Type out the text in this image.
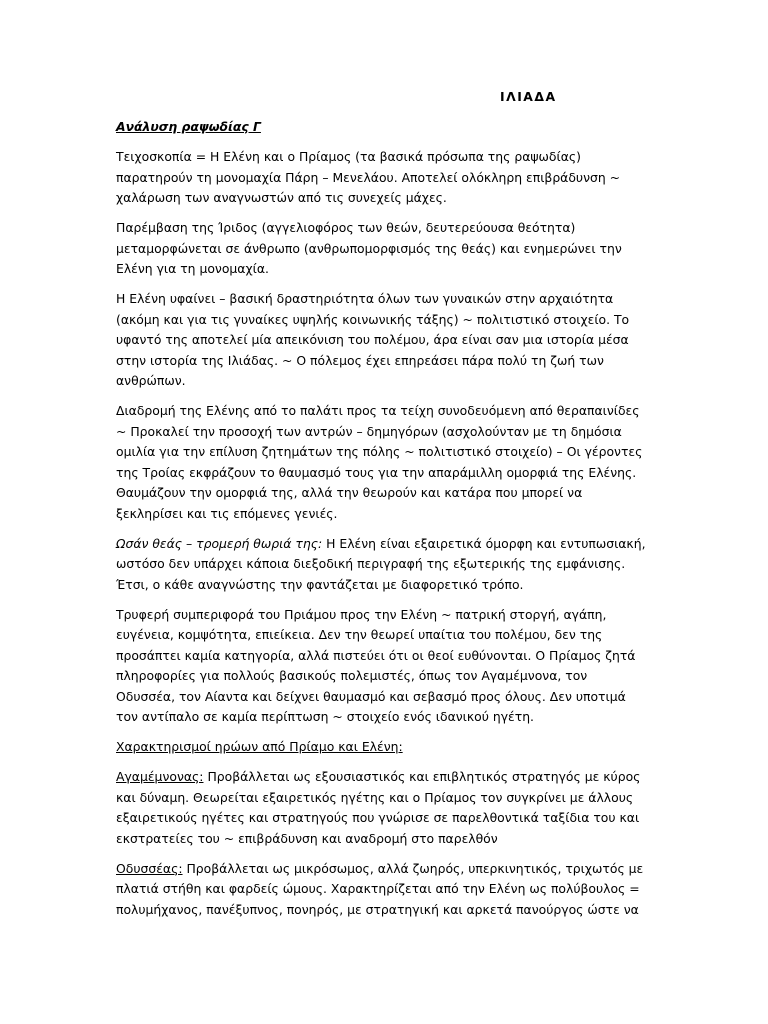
ΙΛΙΑΔΑ
Ανάλυση ραψωδίας Γ
Τειχοσκοπία = Η Ελένη και ο Πρίαμος (τα βασικά πρόσωπα της ραψωδίας)
παρατηρούν τη μονομαχία Πάρη – Μενελάου. Αποτελεί ολόκληρη επιβράδυνση ~
χαλάρωση των αναγνωστών από τις συνεχείς μάχες.
Παρέμβαση της Ίριδος (αγγελιοφόρος των θεών, δευτερεύουσα θεότητα)
μεταμορφώνεται σε άνθρωπο (ανθρωπομορφισμός της θεάς) και ενημερώνει την
Ελένη για τη μονομαχία.
Η Ελένη υφαίνει – βασική δραστηριότητα όλων των γυναικών στην αρχαιότητα
(ακόμη και για τις γυναίκες υψηλής κοινωνικής τάξης) ~ πολιτιστικό στοιχείο. Το
υφαντό της αποτελεί μία απεικόνιση του πολέμου, άρα είναι σαν μια ιστορία μέσα
στην ιστορία της Ιλιάδας. ~ Ο πόλεμος έχει επηρεάσει πάρα πολύ τη ζωή των
ανθρώπων.
Διαδρομή της Ελένης από το παλάτι προς τα τείχη συνοδευόμενη από θεραπαινίδες
~ Προκαλεί την προσοχή των αντρών – δημηγόρων (ασχολούνταν με τη δημόσια
ομιλία για την επίλυση ζητημάτων της πόλης ~ πολιτιστικό στοιχείο) – Οι γέροντες
της Τροίας εκφράζουν το θαυμασμό τους για την απαράμιλλη ομορφιά της Ελένης.
Θαυμάζουν την ομορφιά της, αλλά την θεωρούν και κατάρα που μπορεί να
ξεκληρίσει και τις επόμενες γενιές.
Ωσάν θεάς – τρομερή θωριά της: Η Ελένη είναι εξαιρετικά όμορφη και εντυπωσιακή,
ωστόσο δεν υπάρχει κάποια διεξοδική περιγραφή της εξωτερικής της εμφάνισης.
Έτσι, ο κάθε αναγνώστης την φαντάζεται με διαφορετικό τρόπο.
Τρυφερή συμπεριφορά του Πριάμου προς την Ελένη ~ πατρική στοργή, αγάπη,
ευγένεια, κομψότητα, επιείκεια. Δεν την θεωρεί υπαίτια του πολέμου, δεν της
προσάπτει καμία κατηγορία, αλλά πιστεύει ότι οι θεοί ευθύνονται. Ο Πρίαμος ζητά
πληροφορίες για πολλούς βασικούς πολεμιστές, όπως τον Αγαμέμνονα, τον
Οδυσσέα, τον Αίαντα και δείχνει θαυμασμό και σεβασμό προς όλους. Δεν υποτιμά
τον αντίπαλο σε καμία περίπτωση ~ στοιχείο ενός ιδανικού ηγέτη.
Χαρακτηρισμοί ηρώων από Πρίαμο και Ελένη:
Αγαμέμνονας: Προβάλλεται ως εξουσιαστικός και επιβλητικός στρατηγός με κύρος
και δύναμη. Θεωρείται εξαιρετικός ηγέτης και ο Πρίαμος τον συγκρίνει με άλλους
εξαιρετικούς ηγέτες και στρατηγούς που γνώρισε σε παρελθοντικά ταξίδια του και
εκστρατείες του ~ επιβράδυνση και αναδρομή στο παρελθόν
Οδυσσέας: Προβάλλεται ως μικρόσωμος, αλλά ζωηρός, υπερκινητικός, τριχωτός με
πλατιά στήθη και φαρδείς ώμους. Χαρακτηρίζεται από την Ελένη ως πολύβουλος =
πολυμήχανος, πανέξυπνος, πονηρός, με στρατηγική και αρκετά πανούργος ώστε να
